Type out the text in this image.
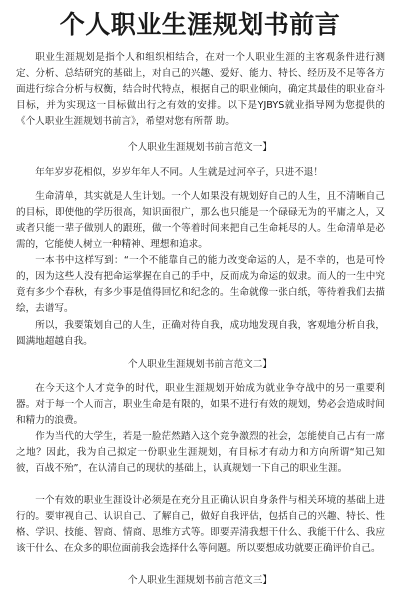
个人职业生涯规划书前言

职业生涯规划是指个人和组织相结合，在对一个人职业生涯的主客观条件进行测定、分析、总结研究的基础上，对自己的兴趣、爱好、能力、特长、经历及不足等各方面进行综合分析与权衡，结合时代特点，根据自己的职业倾向，确定其最佳的职业奋斗目标，并为实现这一目标做出行之有效的安排。以下是YJBYS就业指导网为您提供的《个人职业生涯规划书前言》，希望对您有所帮 助。

个人职业生涯规划书前言范文一】

年年岁岁花相似，岁岁年年人不同。人生就是过河卒子，只进不退！

生命清单，其实就是人生计划。一个人如果没有规划好自己的人生，且不清晰自己的目标，即使他的学历很高，知识面很广，那么也只能是一个碌碌无为的平庸之人，又或者只能一辈子做别人的跟班，做一个等着时间来把自己生命耗尽的人。生命清单是必需的，它能使人树立一种精神、理想和追求。

一本书中这样写到：“一个不能靠自己的能力改变命运的人，是不幸的，也是可怜的，因为这些人没有把命运掌握在自己的手中，反而成为命运的奴隶。而人的一生中究竟有多少个春秋，有多少事是值得回忆和纪念的。生命就像一张白纸，等待着我们去描绘，去谱写。

所以，我要策划自己的人生，正确对待自我，成功地发现自我，客观地分析自我，圆满地超越自我。

个人职业生涯规划书前言范文二】

在今天这个人才竞争的时代，职业生涯规划开始成为就业争夺战中的另一重要利器。对于每一个人而言，职业生命是有限的，如果不进行有效的规划，势必会造成时间和精力的浪费。

作为当代的大学生，若是一脸茫然踏入这个竞争激烈的社会，怎能使自己占有一席之地？因此，我为自己拟定一份职业生涯规划，有目标才有动力和方向所谓“知己知彼，百战不殆”，在认清自己的现状的基础上，认真规划一下自己的职业生涯。

一个有效的职业生涯设计必须是在充分且正确认识自身条件与相关环境的基础上进行的。要审视自己、认识自己、了解自己，做好自我评估，包括自己的兴趣、特长、性格、学识、技能、智商、情商、思维方式等。即要弄清我想干什么、我能干什么、我应该干什么、在众多的职位面前我会选择什么等问题。所以要想成功就要正确评价自己。

个人职业生涯规划书前言范文三】
